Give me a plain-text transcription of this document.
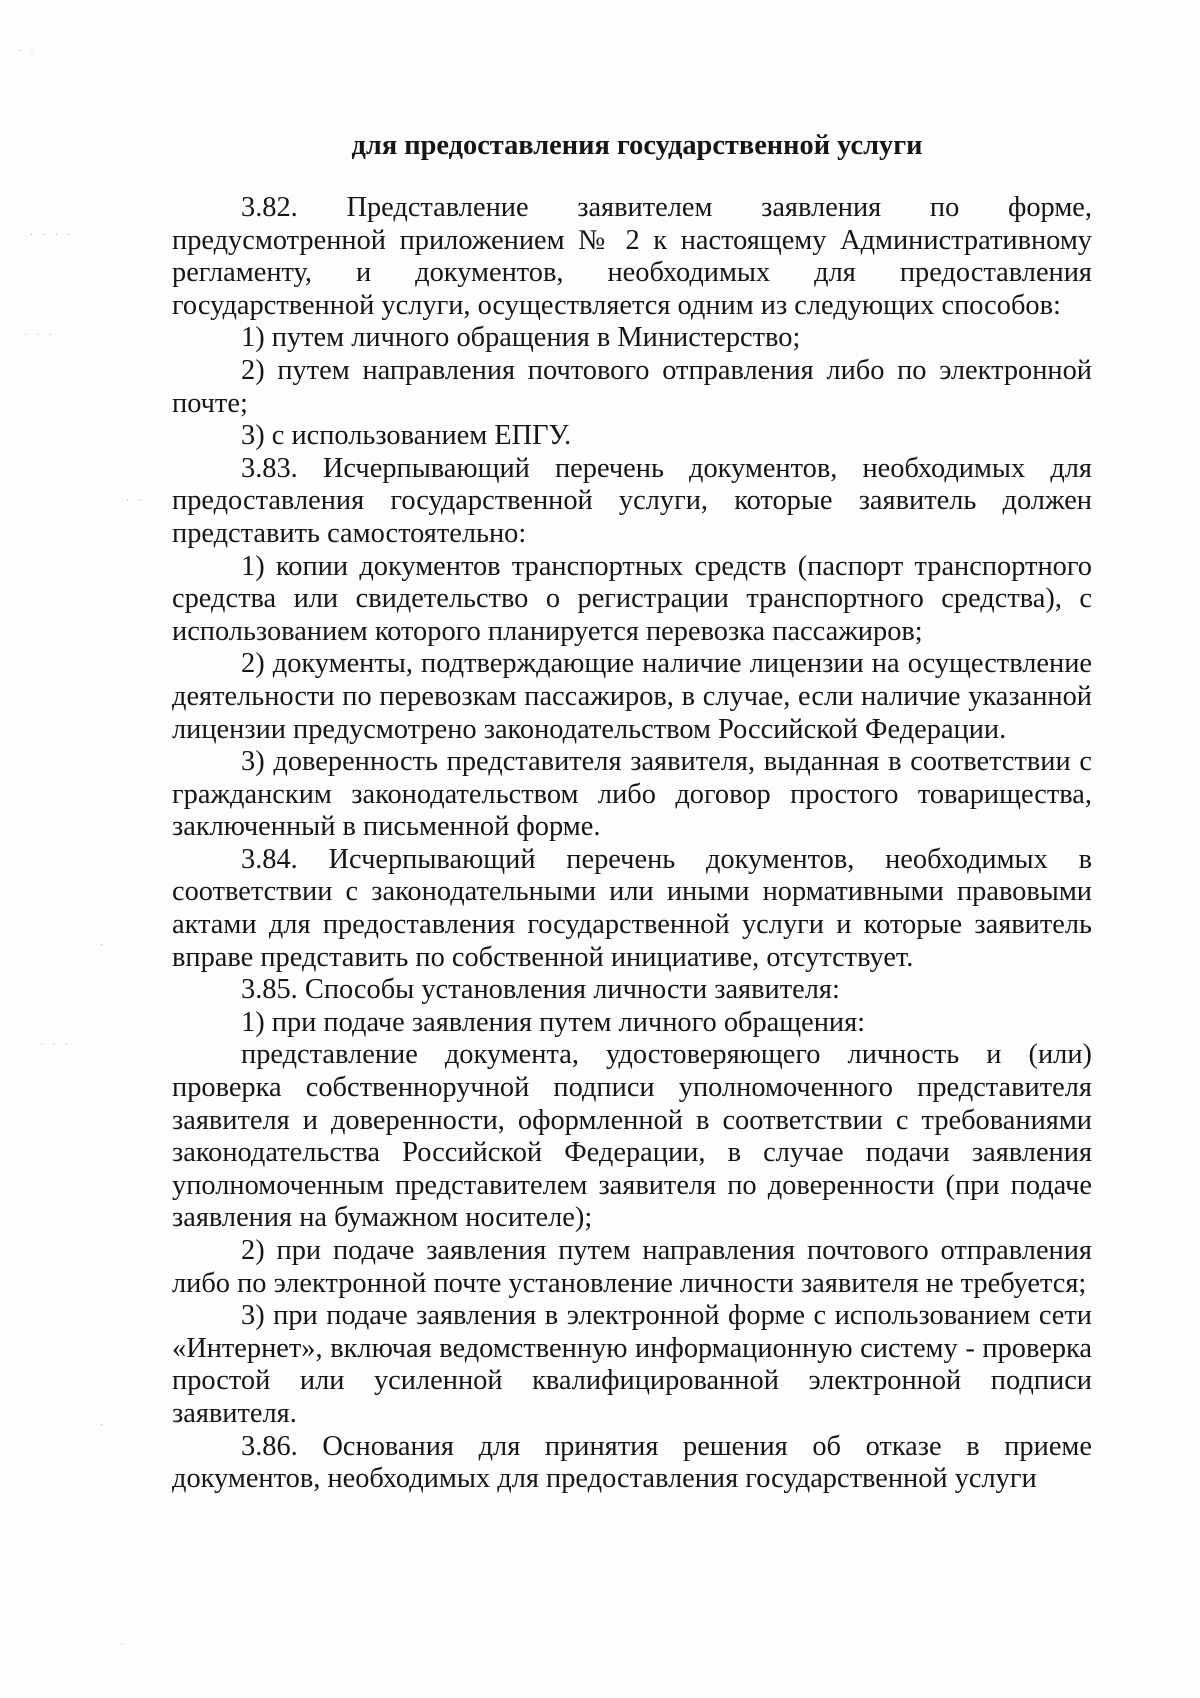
· ·
· · · ·
· · ·
· ·
· · ·
·
·
·
для предоставления государственной услуги

3.82. Представление заявителем заявления по форме, предусмотренной приложением № 2 к настоящему Административному регламенту, и документов, необходимых для предоставления государственной услуги, осуществляется одним из следующих способов:

1) путем личного обращения в Министерство;

2) путем направления почтового отправления либо по электронной почте;

3) с использованием ЕПГУ.

3.83. Исчерпывающий перечень документов, необходимых для предоставления государственной услуги, которые заявитель должен представить самостоятельно:

1) копии документов транспортных средств (паспорт транспортного средства или свидетельство о регистрации транспортного средства), с использованием которого планируется перевозка пассажиров;

2) документы, подтверждающие наличие лицензии на осуществление деятельности по перевозкам пассажиров, в случае, если наличие указанной лицензии предусмотрено законодательством Российской Федерации.

3) доверенность представителя заявителя, выданная в соответствии с гражданским законодательством либо договор простого товарищества, заключенный в письменной форме.

3.84. Исчерпывающий перечень документов, необходимых в соответствии с законодательными или иными нормативными правовыми актами для предоставления государственной услуги и которые заявитель вправе представить по собственной инициативе, отсутствует.

3.85. Способы установления личности заявителя:

1) при подаче заявления путем личного обращения:

представление документа, удостоверяющего личность и (или) проверка собственноручной подписи уполномоченного представителя заявителя и доверенности, оформленной в соответствии с требованиями законодательства Российской Федерации, в случае подачи заявления уполномоченным представителем заявителя по доверенности (при подаче заявления на бумажном носителе);

2) при подаче заявления путем направления почтового отправления либо по электронной почте установление личности заявителя не требуется;

3) при подаче заявления в электронной форме с использованием сети «Интернет», включая ведомственную информационную систему - проверка простой или усиленной квалифицированной электронной подписи заявителя.

3.86. Основания для принятия решения об отказе в приеме документов, необходимых для предоставления государственной услуги
